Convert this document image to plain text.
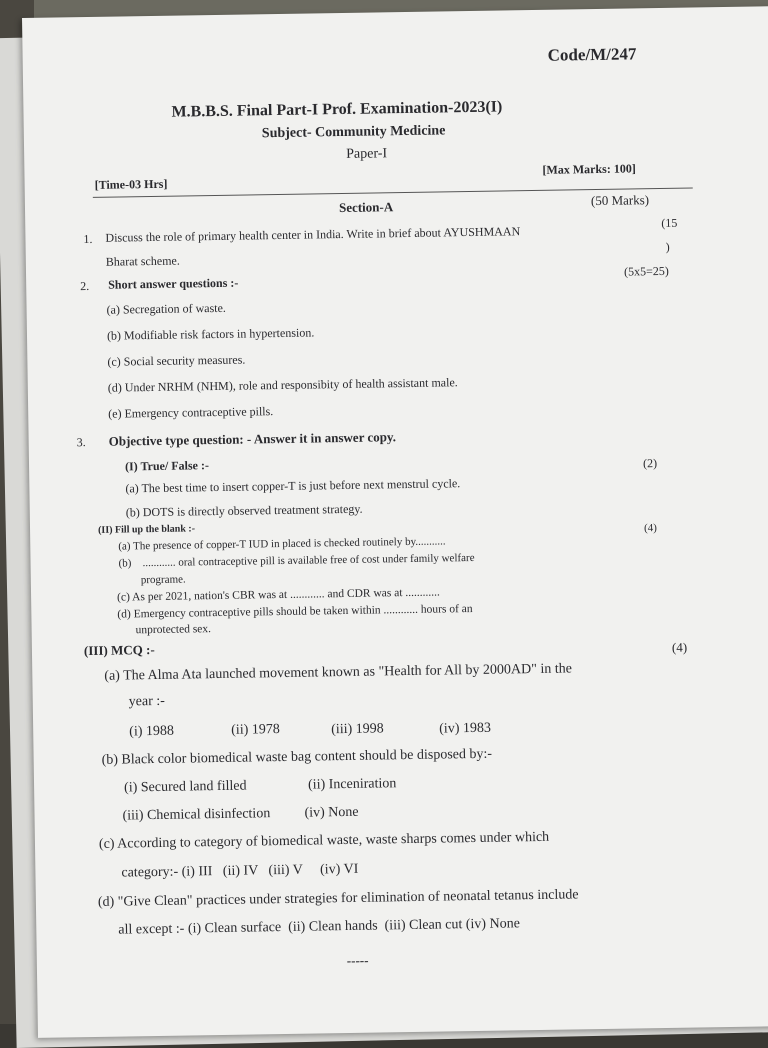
Code/M/247
M.B.B.S. Final Part-I Prof. Examination-2023(I)
Subject- Community Medicine
Paper-I
[Time-03 Hrs]
[Max Marks: 100]
Section-A	(50 Marks)
1. Discuss the role of primary health center in India. Write in brief about AYUSHMAAN
(15
Bharat scheme.
)
2. Short answer questions :-
(5x5=25)
(a) Secregation of waste.
(b) Modifiable risk factors in hypertension.
(c) Social security measures.
(d) Under NRHM (NHM), role and responsibity of health assistant male.
(e) Emergency contraceptive pills.
3. Objective type question: - Answer it in answer copy.
(I) True/ False :-	(2)
(a) The best time to insert copper-T is just before next menstrul cycle.
(b) DOTS is directly observed treatment strategy.
(II) Fill up the blank :-	(4)
(a) The presence of copper-T IUD in placed is checked routinely by...........
(b) ............ oral contraceptive pill is available free of cost under family welfare
programe.
(c) As per 2021, nation's CBR was at ............ and CDR was at ............
(d) Emergency contraceptive pills should be taken within ............ hours of an
unprotected sex.
(III) MCQ :-	(4)
(a) The Alma Ata launched movement known as "Health for All by 2000AD" in the
year :-
(i) 1988	(ii) 1978	(iii) 1998	(iv) 1983
(b) Black color biomedical waste bag content should be disposed by:-
(i) Secured land filled	(ii) Incenirat​ion
(iii) Chemical disinfection (iv) None
(c) According to category of biomedical waste, waste sharps comes under which
category:- (i) III   (ii) IV   (iii) V     (iv) VI
(d) "Give Clean" practices under strategies for elimination of neonatal tetanus include
all except :- (i) Clean surface  (ii) Clean hands  (iii) Clean cut (iv) None
-----
